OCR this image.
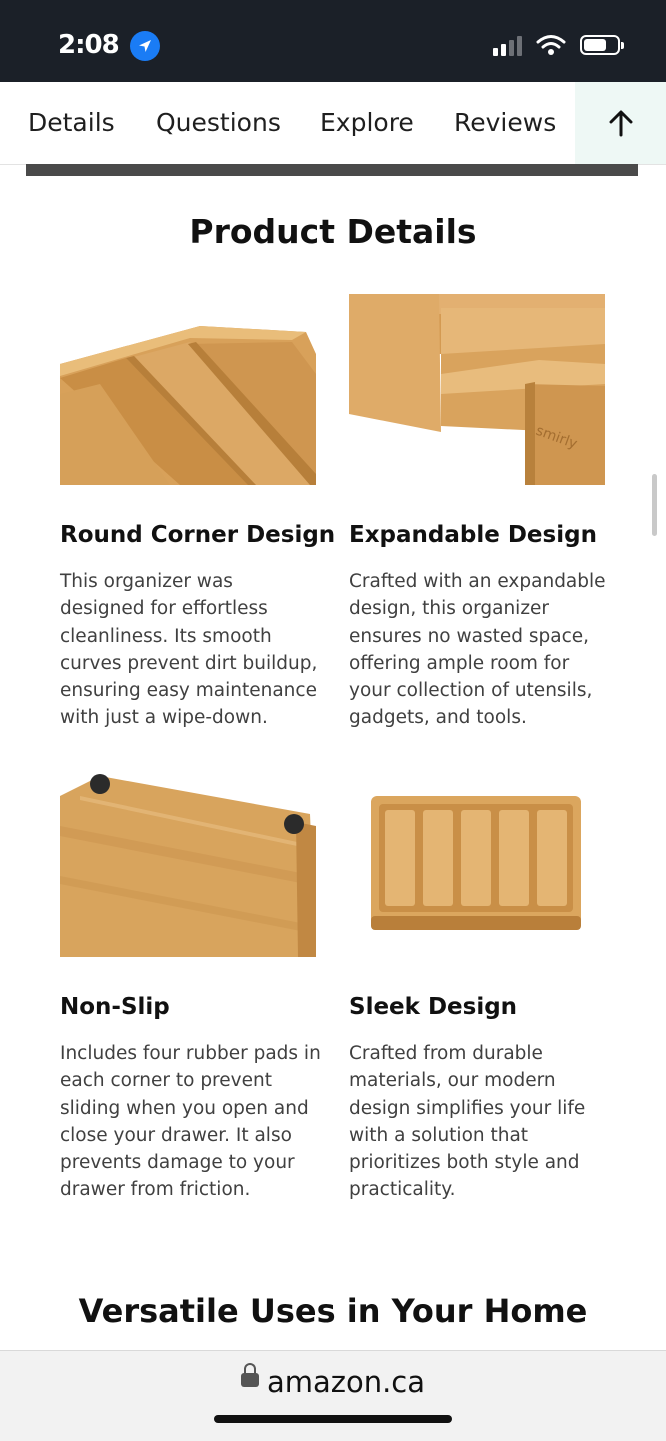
2:08
Details Questions Explore Reviews
Product Details
smirly
Round Corner Design
This organizer was designed for effortless cleanliness. Its smooth curves prevent dirt buildup, ensuring easy maintenance with just a wipe-down.
Expandable Design
Crafted with an expandable design, this organizer ensures no wasted space, offering ample room for your collection of utensils, gadgets, and tools.
Non-Slip
Includes four rubber pads in each corner to prevent sliding when you open and close your drawer. It also prevents damage to your drawer from friction.
Sleek Design
Crafted from durable materials, our modern design simplifies your life with a solution that prioritizes both style and practicality.
Versatile Uses in Your Home
amazon.ca
